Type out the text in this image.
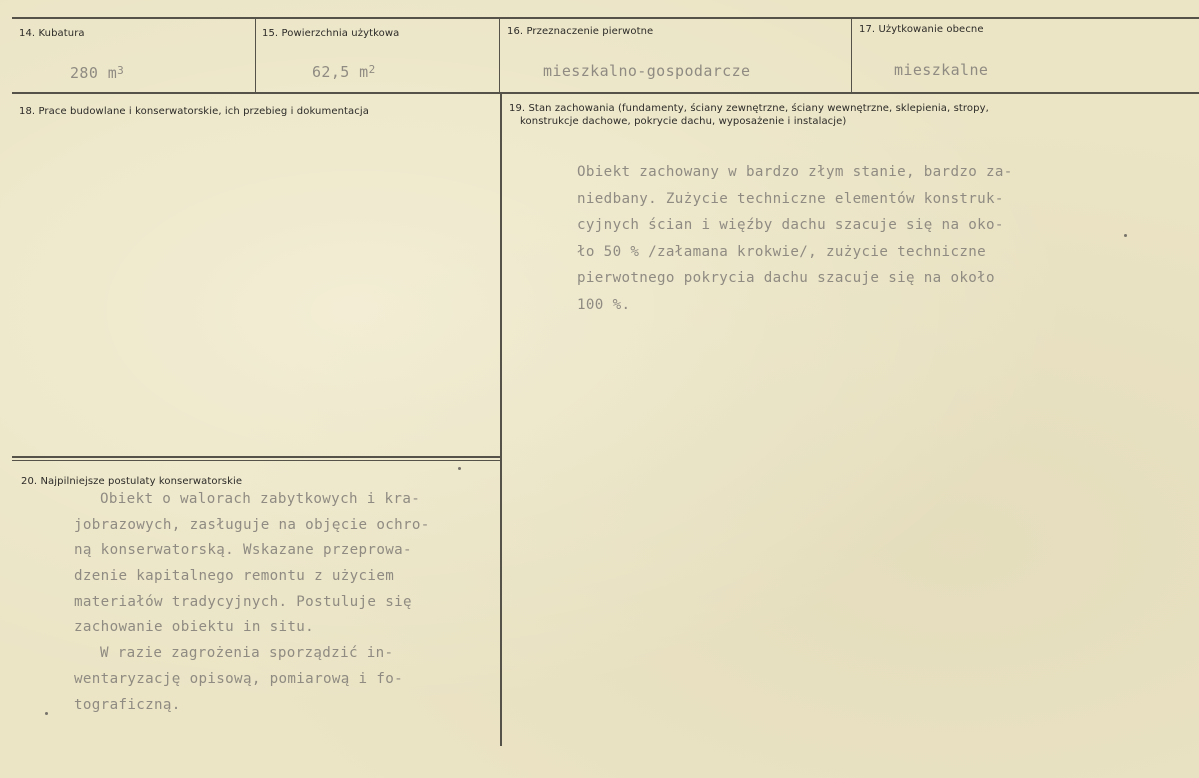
14. Kubatura	15. Powierzchnia użytkowa	16. Przeznaczenie pierwotne	17. Użytkowanie obecne
280 $m^3$	62,5 $m^2$	mieszkalno-gospodarcze	mieszkalne
18. Prace budowlane i konserwatorskie, ich przebieg i dokumentacja	19. Stan zachowania (fundamenty, ściany zewnętrzne, ściany wewnętrzne, sklepienia, stropy,
konstrukcje dachowe, pokrycie dachu, wyposażenie i instalacje)
Obiekt zachowany w bardzo złym stanie, bardzo za-
niedbany. Zużycie techniczne elementów konstruk-
cyjnych ścian i więźby dachu szacuje się na oko-
ło 50 % /załamana krokwie/, zużycie techniczne
pierwotnego pokrycia dachu szacuje się na około
100 %.
20. Najpilniejsze postulaty konserwatorskie
Obiekt o walorach zabytkowych i kra-
jobrazowych, zasługuje na objęcie ochro-
ną konserwatorską. Wskazane przeprowa-
dzenie kapitalnego remontu z użyciem
materiałów tradycyjnych. Postuluje się
zachowanie obiektu in situ.
W razie zagrożenia sporządzić in-
wentaryzację opisową, pomiarową i fo-
tograficzną.
